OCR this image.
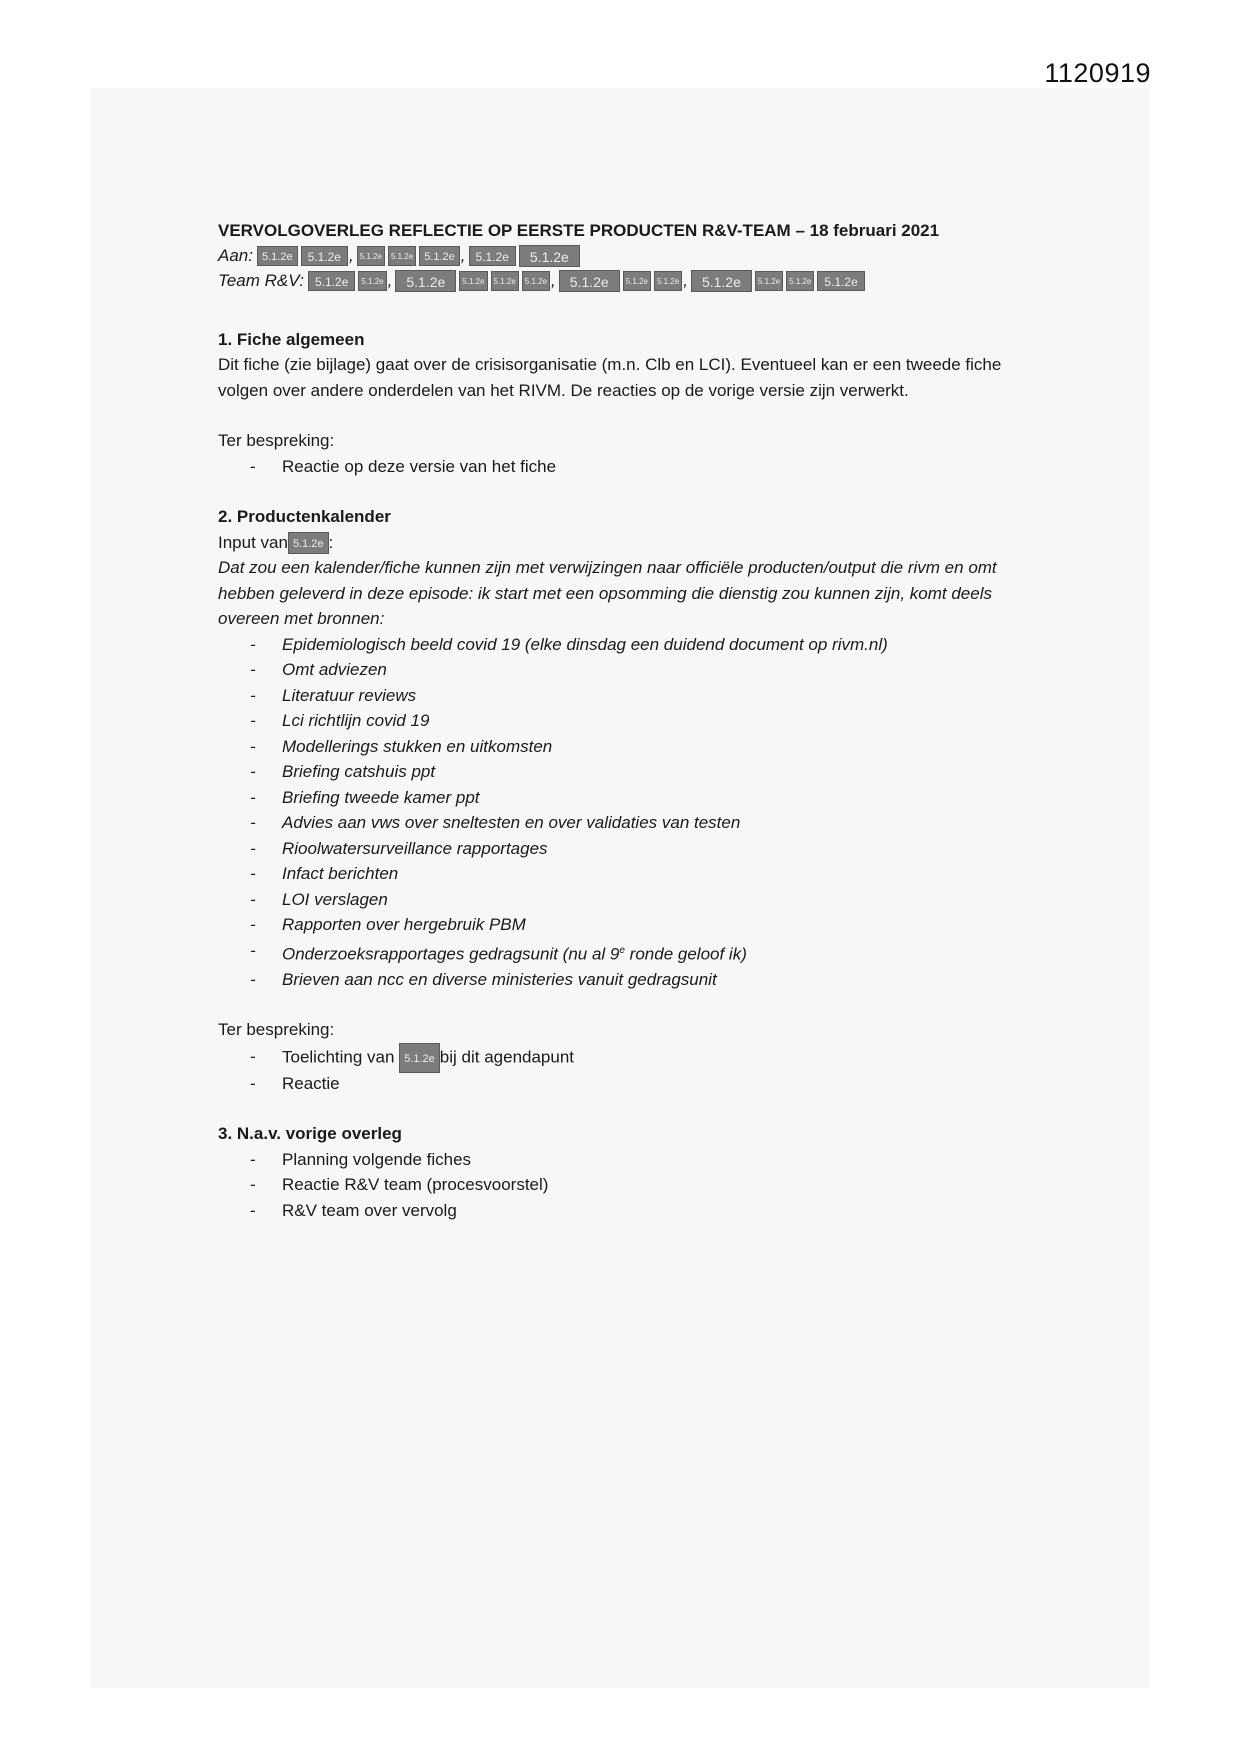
1120919
VERVOLGOVERLEG REFLECTIE OP EERSTE PRODUCTEN R&V-TEAM – 18 februari 2021
Aan: 5.1.2e	5.1.2e , 5.1.2e	5.1.2e	5.1.2e , 5.1.2e	5.1.2e
Team R&V: 5.1.2e	5.1.2e ,	5.1.2e	5.1.2e	5.1.2e	5.1.2e ,	5.1.2e	5.1.2e	5.1.2e ,	5.1.2e	5.1.2e	5.1.2e	5.1.2e
1. Fiche algemeen

Dit fiche (zie bijlage) gaat over de crisisorganisatie (m.n. Clb en LCI). Eventueel kan er een tweede fiche volgen over andere onderdelen van het RIVM. De reacties op de vorige versie zijn verwerkt.

Ter bespreking:

- Reactie op deze versie van het fiche
2. Productenkalender

Input van 5.1.2e :

Dat zou een kalender/fiche kunnen zijn met verwijzingen naar officiële producten/output die rivm en omt hebben geleverd in deze episode: ik start met een opsomming die dienstig zou kunnen zijn, komt deels overeen met bronnen:

- Epidemiologisch beeld covid 19 (elke dinsdag een duidend document op rivm.nl)
- Omt adviezen
- Literatuur reviews
- Lci richtlijn covid 19
- Modellerings stukken en uitkomsten
- Briefing catshuis ppt
- Briefing tweede kamer ppt
- Advies aan vws over sneltesten en over validaties van testen
- Rioolwatersurveillance rapportages
- Infact berichten
- LOI verslagen
- Rapporten over hergebruik PBM
- Onderzoeksrapportages gedragsunit (nu al 9e ronde geloof ik)
- Brieven aan ncc en diverse ministeries vanuit gedragsunit

Ter bespreking:

- Toelichting van 5.1.2e bij dit agendapunt
- Reactie
3. N.a.v. vorige overleg
- Planning volgende fiches
- Reactie R&V team (procesvoorstel)
- R&V team over vervolg
